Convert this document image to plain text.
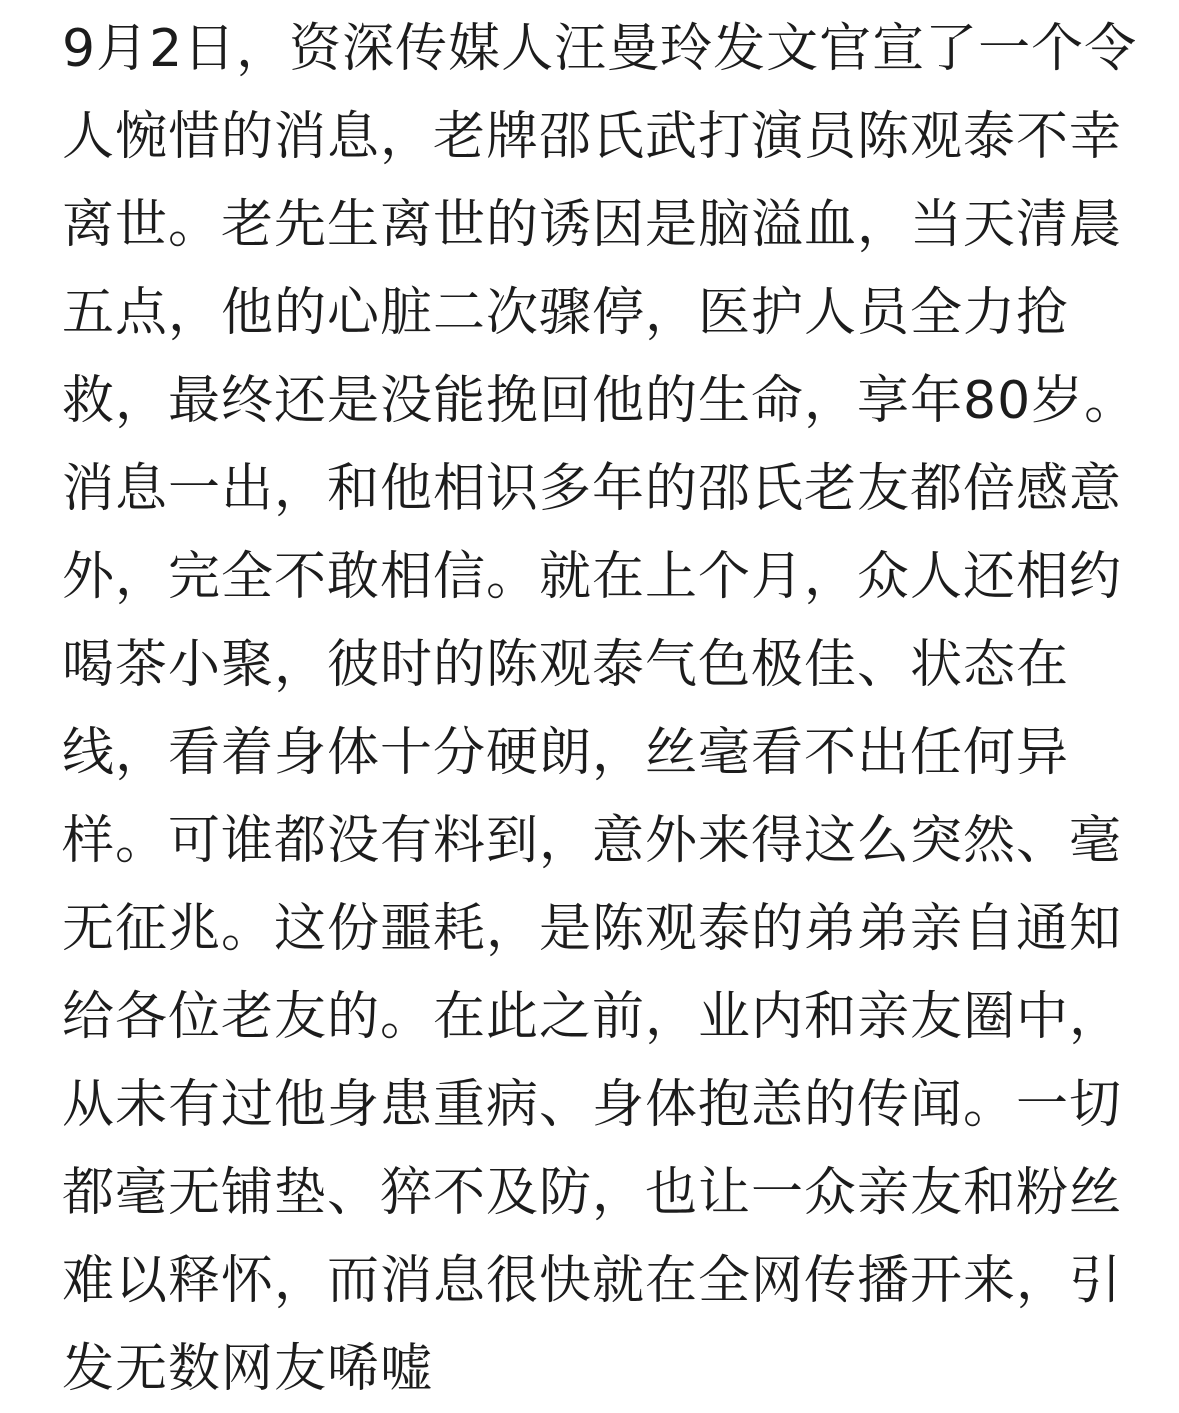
9月2日，资深传媒人汪曼玲发文官宣了一个令
人惋惜的消息，老牌邵氏武打演员陈观泰不幸
离世。老先生离世的诱因是脑溢血，当天清晨
五点，他的心脏二次骤停，医护人员全力抢
救，最终还是没能挽回他的生命，享年80岁。
消息一出，和他相识多年的邵氏老友都倍感意
外，完全不敢相信。就在上个月，众人还相约
喝茶小聚，彼时的陈观泰气色极佳、状态在
线，看着身体十分硬朗，丝毫看不出任何异
样。可谁都没有料到，意外来得这么突然、毫
无征兆。这份噩耗，是陈观泰的弟弟亲自通知
给各位老友的。在此之前，业内和亲友圈中，
从未有过他身患重病、身体抱恙的传闻。一切
都毫无铺垫、猝不及防，也让一众亲友和粉丝
难以释怀，而消息很快就在全网传播开来，引
发无数网友唏嘘
